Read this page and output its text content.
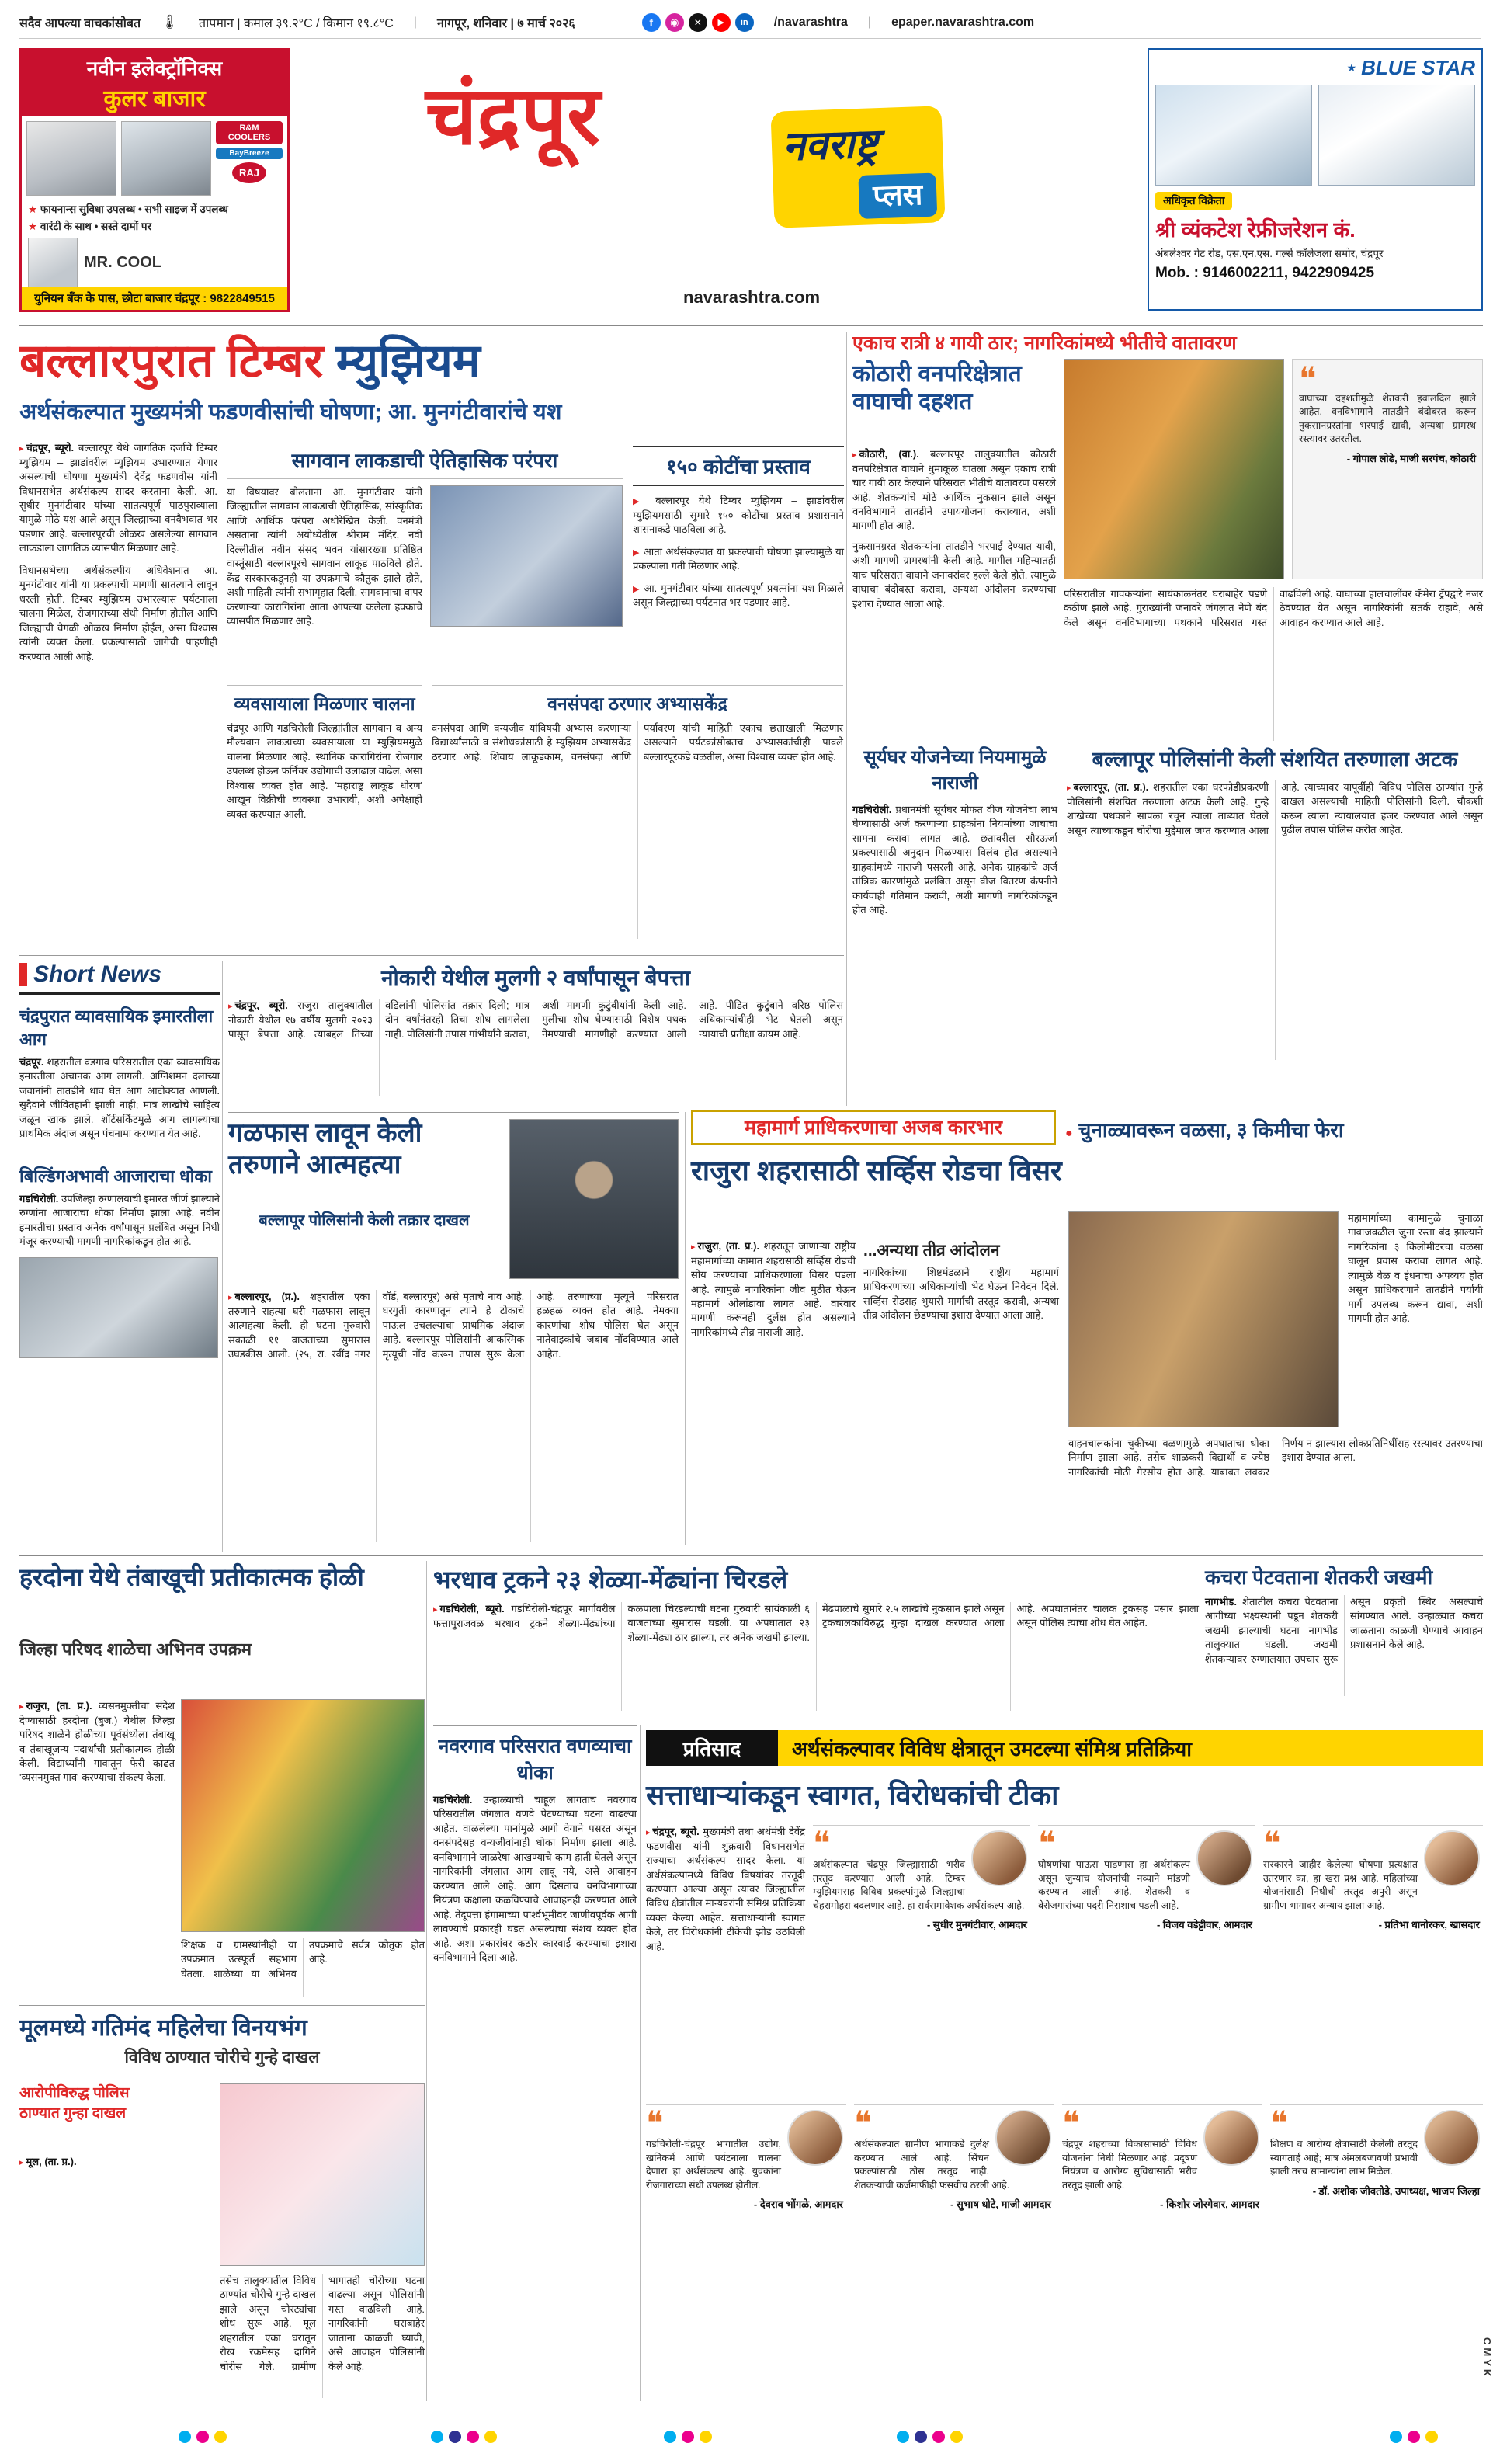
सदैव आपल्या वाचकांसोबत 🌡 तापमान | कमाल ३९.२°C / किमान १९.८°C | नागपूर, शनिवार | ७ मार्च २०२६	f	◉	✕	▶	in	/navarashtra | epaper.navarashtra.com
नवीन इलेक्ट्रॉनिक्स
कुलर बाजार
R&M COOLERS
BayBreeze
RAJ
★ फायनान्स सुविधा उपलब्ध • सभी साइज में उपलब्ध
★ वारंटी के साथ • सस्ते दामों पर
MR. COOL
युनियन बँक के पास, छोटा बाजार चंद्रपूर : 9822849515
चंद्रपूर	नवराष्ट्र
प्लस
navarashtra.com
★ BLUE STAR
अधिकृत विक्रेता
श्री व्यंकटेश रेफ्रीजरेशन कं.
अंबलेश्वर गेट रोड, एस.एन.एस. गर्ल्स कॉलेजला समोर, चंद्रपूर
Mob. : 9146002211, 9422909425
बल्लारपुरात टिम्बर म्युझियम
अर्थसंकल्पात मुख्यमंत्री फडणवीसांची घोषणा; आ. मुनगंटीवारांचे यश

▸ चंद्रपूर, ब्यूरो. बल्लारपूर येथे जागतिक दर्जाचे टिम्बर म्युझियम – झाडांवरील म्युझियम उभारण्यात येणार असल्याची घोषणा मुख्यमंत्री देवेंद्र फडणवीस यांनी विधानसभेत अर्थसंकल्प सादर करताना केली. आ. सुधीर मुनगंटीवार यांच्या सातत्यपूर्ण पाठपुराव्याला यामुळे मोठे यश आले असून जिल्ह्याच्या वनवैभवात भर पडणार आहे. बल्लारपूरची ओळख असलेल्या सागवान लाकडाला जागतिक व्यासपीठ मिळणार आहे.

विधानसभेच्या अर्थसंकल्पीय अधिवेशनात आ. मुनगंटीवार यांनी या प्रकल्पाची मागणी सातत्याने लावून धरली होती. टिम्बर म्युझियम उभारल्यास पर्यटनाला चालना मिळेल, रोजगाराच्या संधी निर्माण होतील आणि जिल्ह्याची वेगळी ओळख निर्माण होईल, असा विश्वास त्यांनी व्यक्त केला. प्रकल्पासाठी जागेची पाहणीही करण्यात आली आहे.

सागवान लाकडाची ऐतिहासिक परंपरा

या विषयावर बोलताना आ. मुनगंटीवार यांनी जिल्ह्यातील सागवान लाकडाची ऐतिहासिक, सांस्कृतिक आणि आर्थिक परंपरा अधोरेखित केली. वनमंत्री असताना त्यांनी अयोध्येतील श्रीराम मंदिर, नवी दिल्लीतील नवीन संसद भवन यांसारख्या प्रतिष्ठित वास्तूंसाठी बल्लारपूरचे सागवान लाकूड पाठविले होते. केंद्र सरकारकडूनही या उपक्रमाचे कौतुक झाले होते, अशी माहिती त्यांनी सभागृहात दिली. सागवानाचा वापर करणाऱ्या कारागिरांना आता आपल्या कलेला हक्काचे व्यासपीठ मिळणार आहे.

१५० कोटींचा प्रस्ताव
▶ बल्लारपूर येथे टिम्बर म्युझियम – झाडांवरील म्युझियमसाठी सुमारे १५० कोटींचा प्रस्ताव प्रशासनाने शासनाकडे पाठविला आहे.
▶ आता अर्थसंकल्पात या प्रकल्पाची घोषणा झाल्यामुळे या प्रकल्पाला गती मिळणार आहे.
▶ आ. मुनगंटीवार यांच्या सातत्यपूर्ण प्रयत्नांना यश मिळाले असून जिल्ह्याच्या पर्यटनात भर पडणार आहे.
व्यवसायाला मिळणार चालना

चंद्रपूर आणि गडचिरोली जिल्ह्यांतील सागवान व अन्य मौल्यवान लाकडाच्या व्यवसायाला या म्युझियममुळे चालना मिळणार आहे. स्थानिक कारागिरांना रोजगार उपलब्ध होऊन फर्निचर उद्योगाची उलाढाल वाढेल, असा विश्वास व्यक्त होत आहे. 'महाराष्ट्र लाकूड धोरण' आखून विक्रीची व्यवस्था उभारावी, अशी अपेक्षाही व्यक्त करण्यात आली.

वनसंपदा ठरणार अभ्यासकेंद्र

वनसंपदा आणि वन्यजीव यांविषयी अभ्यास करणाऱ्या विद्यार्थ्यांसाठी व संशोधकांसाठी हे म्युझियम अभ्यासकेंद्र ठरणार आहे. शिवाय लाकूडकाम, वनसंपदा आणि पर्यावरण यांची माहिती एकाच छताखाली मिळणार असल्याने पर्यटकांसोबतच अभ्यासकांचीही पावले बल्लारपूरकडे वळतील, असा विश्वास व्यक्त होत आहे.

एकाच रात्री ४ गायी ठार; नागरिकांमध्ये भीतीचे वातावरण
कोठारी वनपरिक्षेत्रात वाघाची दहशत
❝

वाघाच्या दहशतीमुळे शेतकरी हवालदिल झाले आहेत. वनविभागाने तातडीने बंदोबस्त करून नुकसानग्रस्तांना भरपाई द्यावी, अन्यथा ग्रामस्थ रस्त्यावर उतरतील.

- गोपाल लोढे, माजी सरपंच, कोठारी

▸ कोठारी, (वा.). बल्लारपूर तालुक्यातील कोठारी वनपरिक्षेत्रात वाघाने धुमाकूळ घातला असून एकाच रात्री चार गायी ठार केल्याने परिसरात भीतीचे वातावरण पसरले आहे. शेतकऱ्यांचे मोठे आर्थिक नुकसान झाले असून वनविभागाने तातडीने उपाययोजना कराव्यात, अशी मागणी होत आहे.

नुकसानग्रस्त शेतकऱ्यांना तातडीने भरपाई देण्यात यावी, अशी मागणी ग्रामस्थांनी केली आहे. मागील महिन्यातही याच परिसरात वाघाने जनावरांवर हल्ले केले होते. त्यामुळे वाघाचा बंदोबस्त करावा, अन्यथा आंदोलन करण्याचा इशारा देण्यात आला आहे.

परिसरातील गावकऱ्यांना सायंकाळनंतर घराबाहेर पडणे कठीण झाले आहे. गुराख्यांनी जनावरे जंगलात नेणे बंद केले असून वनविभागाच्या पथकाने परिसरात गस्त वाढविली आहे. वाघाच्या हालचालींवर कॅमेरा ट्रॅपद्वारे नजर ठेवण्यात येत असून नागरिकांनी सतर्क राहावे, असे आवाहन करण्यात आले आहे.

सूर्यघर योजनेच्या नियमामुळे नाराजी

गडचिरोली. प्रधानमंत्री सूर्यघर मोफत वीज योजनेचा लाभ घेण्यासाठी अर्ज करणाऱ्या ग्राहकांना नियमांच्या जाचाचा सामना करावा लागत आहे. छतावरील सौरऊर्जा प्रकल्पासाठी अनुदान मिळण्यास विलंब होत असल्याने ग्राहकांमध्ये नाराजी पसरली आहे. अनेक ग्राहकांचे अर्ज तांत्रिक कारणांमुळे प्रलंबित असून वीज वितरण कंपनीने कार्यवाही गतिमान करावी, अशी मागणी नागरिकांकडून होत आहे.

बल्लापूर पोलिसांनी केली संशयित तरुणाला अटक

▸ बल्लारपूर, (ता. प्र.). शहरातील एका घरफोडीप्रकरणी पोलिसांनी संशयित तरुणाला अटक केली आहे. गुन्हे शाखेच्या पथकाने सापळा रचून त्याला ताब्यात घेतले असून त्याच्याकडून चोरीचा मुद्देमाल जप्त करण्यात आला आहे. त्याच्यावर यापूर्वीही विविध पोलिस ठाण्यांत गुन्हे दाखल असल्याची माहिती पोलिसांनी दिली. चौकशी करून त्याला न्यायालयात हजर करण्यात आले असून पुढील तपास पोलिस करीत आहेत.

Short News
चंद्रपुरात व्यावसायिक इमारतीला आग

चंद्रपूर. शहरातील वडगाव परिसरातील एका व्यावसायिक इमारतीला अचानक आग लागली. अग्निशमन दलाच्या जवानांनी तातडीने धाव घेत आग आटोक्यात आणली. सुदैवाने जीवितहानी झाली नाही; मात्र लाखोंचे साहित्य जळून खाक झाले. शॉर्टसर्किटमुळे आग लागल्याचा प्राथमिक अंदाज असून पंचनामा करण्यात येत आहे.

बिल्डिंगअभावी आजाराचा धोका

गडचिरोली. उपजिल्हा रुग्णालयाची इमारत जीर्ण झाल्याने रुग्णांना आजाराचा धोका निर्माण झाला आहे. नवीन इमारतीचा प्रस्ताव अनेक वर्षांपासून प्रलंबित असून निधी मंजूर करण्याची मागणी नागरिकांकडून होत आहे.

नोकारी येथील मुलगी २ वर्षांपासून बेपत्ता

▸ चंद्रपूर, ब्यूरो. राजुरा तालुक्यातील नोकारी येथील १७ वर्षीय मुलगी २०२३ पासून बेपत्ता आहे. त्याबद्दल तिच्या वडिलांनी पोलिसांत तक्रार दिली; मात्र दोन वर्षांनंतरही तिचा शोध लागलेला नाही. पोलिसांनी तपास गांभीर्याने करावा, अशी मागणी कुटुंबीयांनी केली आहे. मुलीचा शोध घेण्यासाठी विशेष पथक नेमण्याची मागणीही करण्यात आली आहे. पीडित कुटुंबाने वरिष्ठ पोलिस अधिकाऱ्यांचीही भेट घेतली असून न्यायाची प्रतीक्षा कायम आहे.

गळफास लावून केली तरुणाने आत्महत्या
बल्लापूर पोलिसांनी केली तक्रार दाखल

▸ बल्लारपूर, (प्र.). शहरातील एका तरुणाने राहत्या घरी गळफास लावून आत्महत्या केली. ही घटना गुरुवारी सकाळी ११ वाजताच्या सुमारास उघडकीस आली. (२५, रा. रवींद्र नगर वॉर्ड, बल्लारपूर) असे मृताचे नाव आहे. घरगुती कारणातून त्याने हे टोकाचे पाऊल उचलल्याचा प्राथमिक अंदाज आहे. बल्लारपूर पोलिसांनी आकस्मिक मृत्यूची नोंद करून तपास सुरू केला आहे. तरुणाच्या मृत्यूने परिसरात हळहळ व्यक्त होत आहे. नेमक्या कारणांचा शोध पोलिस घेत असून नातेवाइकांचे जबाब नोंदविण्यात आले आहेत.

महामार्ग प्राधिकरणाचा अजब कारभार	● चुनाळ्यावरून वळसा, ३ किमीचा फेरा
राजुरा शहरासाठी सर्व्हिस रोडचा विसर

▸ राजुरा, (ता. प्र.). शहरातून जाणाऱ्या राष्ट्रीय महामार्गाच्या कामात शहरासाठी सर्व्हिस रोडची सोय करण्याचा प्राधिकरणाला विसर पडला आहे. त्यामुळे नागरिकांना जीव मुठीत घेऊन महामार्ग ओलांडावा लागत आहे. वारंवार मागणी करूनही दुर्लक्ष होत असल्याने नागरिकांमध्ये तीव्र नाराजी आहे.

...अन्यथा तीव्र आंदोलन

नागरिकांच्या शिष्टमंडळाने राष्ट्रीय महामार्ग प्राधिकरणाच्या अधिकाऱ्यांची भेट घेऊन निवेदन दिले. सर्व्हिस रोडसह भुयारी मार्गाची तरतूद करावी, अन्यथा तीव्र आंदोलन छेडण्याचा इशारा देण्यात आला आहे.

महामार्गाच्या कामामुळे चुनाळा गावाजवळील जुना रस्ता बंद झाल्याने नागरिकांना ३ किलोमीटरचा वळसा घालून प्रवास करावा लागत आहे. त्यामुळे वेळ व इंधनाचा अपव्यय होत असून प्राधिकरणाने तातडीने पर्यायी मार्ग उपलब्ध करून द्यावा, अशी मागणी होत आहे.

वाहनचालकांना चुकीच्या वळणामुळे अपघाताचा धोका निर्माण झाला आहे. तसेच शाळकरी विद्यार्थी व ज्येष्ठ नागरिकांची मोठी गैरसोय होत आहे. याबाबत लवकर निर्णय न झाल्यास लोकप्रतिनिधींसह रस्त्यावर उतरण्याचा इशारा देण्यात आला.

हरदोना येथे तंबाखूची प्रतीकात्मक होळी
जिल्हा परिषद शाळेचा अभिनव उपक्रम

▸ राजुरा, (ता. प्र.). व्यसनमुक्तीचा संदेश देण्यासाठी हरदोना (बुज.) येथील जिल्हा परिषद शाळेने होळीच्या पूर्वसंध्येला तंबाखू व तंबाखूजन्य पदार्थांची प्रतीकात्मक होळी केली. विद्यार्थ्यांनी गावातून फेरी काढत 'व्यसनमुक्त गाव' करण्याचा संकल्प केला.

शिक्षक व ग्रामस्थांनीही या उपक्रमात उत्स्फूर्त सहभाग घेतला. शाळेच्या या अभिनव उपक्रमाचे सर्वत्र कौतुक होत आहे.

भरधाव ट्रकने २३ शेळ्या-मेंढ्यांना चिरडले

▸ गडचिरोली, ब्यूरो. गडचिरोली-चंद्रपूर मार्गावरील फत्तापुराजवळ भरधाव ट्रकने शेळ्या-मेंढ्यांच्या कळपाला चिरडल्याची घटना गुरुवारी सायंकाळी ६ वाजताच्या सुमारास घडली. या अपघातात २३ शेळ्या-मेंढ्या ठार झाल्या, तर अनेक जखमी झाल्या. मेंढपाळाचे सुमारे २.५ लाखांचे नुकसान झाले असून ट्रकचालकाविरुद्ध गुन्हा दाखल करण्यात आला आहे. अपघातानंतर चालक ट्रकसह पसार झाला असून पोलिस त्याचा शोध घेत आहेत.

कचरा पेटवताना शेतकरी जखमी

नागभीड. शेतातील कचरा पेटवताना आगीच्या भक्ष्यस्थानी पडून शेतकरी जखमी झाल्याची घटना नागभीड तालुक्यात घडली. जखमी शेतकऱ्यावर रुग्णालयात उपचार सुरू असून प्रकृती स्थिर असल्याचे सांगण्यात आले. उन्हाळ्यात कचरा जाळताना काळजी घेण्याचे आवाहन प्रशासनाने केले आहे.

नवरगाव परिसरात वणव्याचा धोका

गडचिरोली. उन्हाळ्याची चाहूल लागताच नवरगाव परिसरातील जंगलात वणवे पेटण्याच्या घटना वाढल्या आहेत. वाळलेल्या पानांमुळे आगी वेगाने पसरत असून वनसंपदेसह वन्यजीवांनाही धोका निर्माण झाला आहे. वनविभागाने जाळरेषा आखण्याचे काम हाती घेतले असून नागरिकांनी जंगलात आग लावू नये, असे आवाहन करण्यात आले आहे. आग दिसताच वनविभागाच्या नियंत्रण कक्षाला कळविण्याचे आवाहनही करण्यात आले आहे. तेंदूपत्ता हंगामाच्या पार्श्वभूमीवर जाणीवपूर्वक आगी लावण्याचे प्रकारही घडत असल्याचा संशय व्यक्त होत आहे. अशा प्रकारांवर कठोर कारवाई करण्याचा इशारा वनविभागाने दिला आहे.

प्रतिसाद	अर्थसंकल्पावर विविध क्षेत्रातून उमटल्या संमिश्र प्रतिक्रिया
सत्ताधाऱ्यांकडून स्वागत, विरोधकांची टीका

▸ चंद्रपूर, ब्यूरो. मुख्यमंत्री तथा अर्थमंत्री देवेंद्र फडणवीस यांनी शुक्रवारी विधानसभेत राज्याचा अर्थसंकल्प सादर केला. या अर्थसंकल्पामध्ये विविध विषयांवर तरतूदी करण्यात आल्या असून त्यावर जिल्ह्यातील विविध क्षेत्रांतील मान्यवरांनी संमिश्र प्रतिक्रिया व्यक्त केल्या आहेत. सत्ताधाऱ्यांनी स्वागत केले, तर विरोधकांनी टीकेची झोड उठविली आहे.

❝

अर्थसंकल्पात चंद्रपूर जिल्ह्यासाठी भरीव तरतूद करण्यात आली आहे. टिम्बर म्युझियमसह विविध प्रकल्पांमुळे जिल्ह्याचा चेहरामोहरा बदलणार आहे. हा सर्वसमावेशक अर्थसंकल्प आहे.

- सुधीर मुनगंटीवार, आमदार
❝

घोषणांचा पाऊस पाडणारा हा अर्थसंकल्प असून जुन्याच योजनांची नव्याने मांडणी करण्यात आली आहे. शेतकरी व बेरोजगारांच्या पदरी निराशाच पडली आहे.

- विजय वडेट्टीवार, आमदार
❝

सरकारने जाहीर केलेल्या घोषणा प्रत्यक्षात उतरणार का, हा खरा प्रश्न आहे. महिलांच्या योजनांसाठी निधीची तरतूद अपुरी असून ग्रामीण भागावर अन्याय झाला आहे.

- प्रतिभा धानोरकर, खासदार
❝

गडचिरोली-चंद्रपूर भागातील उद्योग, खनिकर्म आणि पर्यटनाला चालना देणारा हा अर्थसंकल्प आहे. युवकांना रोजगाराच्या संधी उपलब्ध होतील.

- देवराव भोंगळे, आमदार
❝

अर्थसंकल्पात ग्रामीण भागाकडे दुर्लक्ष करण्यात आले आहे. सिंचन प्रकल्पांसाठी ठोस तरतूद नाही. शेतकऱ्यांची कर्जमाफीही फसवीच ठरली आहे.

- सुभाष धोटे, माजी आमदार
❝

चंद्रपूर शहराच्या विकासासाठी विविध योजनांना निधी मिळणार आहे. प्रदूषण नियंत्रण व आरोग्य सुविधांसाठी भरीव तरतूद झाली आहे.

- किशोर जोरगेवार, आमदार
❝

शिक्षण व आरोग्य क्षेत्रासाठी केलेली तरतूद स्वागतार्ह आहे; मात्र अंमलबजावणी प्रभावी झाली तरच सामान्यांना लाभ मिळेल.

- डॉ. अशोक जीवतोडे, उपाध्यक्ष, भाजप जिल्हा
मूलमध्ये गतिमंद महिलेचा विनयभंग
विविध ठाण्यात चोरीचे गुन्हे दाखल
आरोपीविरुद्ध पोलिस ठाण्यात गुन्हा दाखल

▸ मूल, (ता. प्र.).

तसेच तालुक्यातील विविध ठाण्यांत चोरीचे गुन्हे दाखल झाले असून चोरट्यांचा शोध सुरू आहे. मूल शहरातील एका घरातून रोख रकमेसह दागिने चोरीस गेले. ग्रामीण भागातही चोरीच्या घटना वाढल्या असून पोलिसांनी गस्त वाढविली आहे. नागरिकांनी घराबाहेर जाताना काळजी घ्यावी, असे आवाहन पोलिसांनी केले आहे.	CMYK
